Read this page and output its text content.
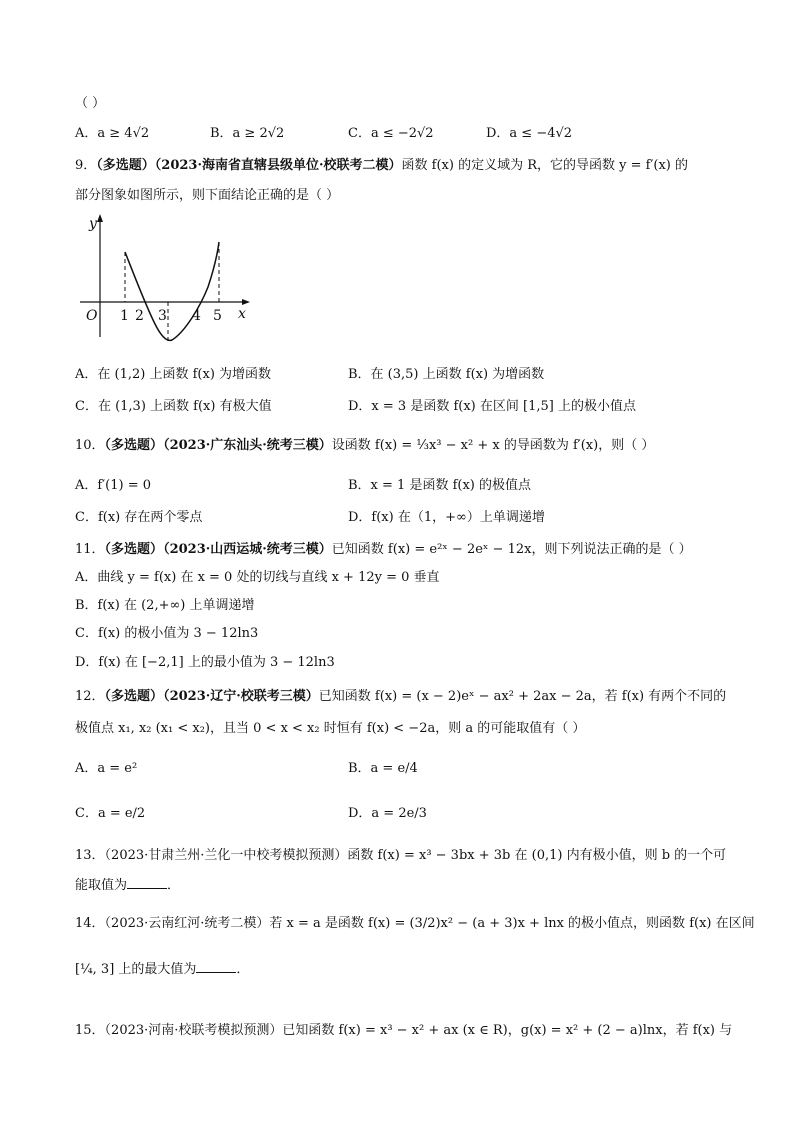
（ ）
A．a ≥ 4√2	B．a ≥ 2√2	C．a ≤ −2√2	D．a ≤ −4√2
9．（多选题）（2023·海南省直辖县级单位·校联考二模）函数 f(x) 的定义域为 R，它的导函数 y = f′(x) 的
部分图象如图所示，则下面结论正确的是（ ）
y
x
O 1 2 3 4 5
A．在 (1,2) 上函数 f(x) 为增函数	B．在 (3,5) 上函数 f(x) 为增函数
C．在 (1,3) 上函数 f(x) 有极大值	D．x = 3 是函数 f(x) 在区间 [1,5] 上的极小值点
10．（多选题）（2023·广东汕头·统考三模）设函数 f(x) = ⅓x³ − x² + x 的导函数为 f′(x)，则（ ）
A．f′(1) = 0	B．x = 1 是函数 f(x) 的极值点
C．f(x) 存在两个零点	D．f(x) 在（1，+∞）上单调递增
11．（多选题）（2023·山西运城·统考三模）已知函数 f(x) = e²ˣ − 2eˣ − 12x，则下列说法正确的是（ ）
A．曲线 y = f(x) 在 x = 0 处的切线与直线 x + 12y = 0 垂直
B．f(x) 在 (2,+∞) 上单调递增
C．f(x) 的极小值为 3 − 12ln3
D．f(x) 在 [−2,1] 上的最小值为 3 − 12ln3
12．（多选题）（2023·辽宁·校联考三模）已知函数 f(x) = (x − 2)eˣ − ax² + 2ax − 2a，若 f(x) 有两个不同的
极值点 x₁, x₂ (x₁ < x₂)，且当 0 < x < x₂ 时恒有 f(x) < −2a，则 a 的可能取值有（ ）
A．a = e²	B．a = e/4
C．a = e/2	D．a = 2e/3
13．（2023·甘肃兰州·兰化一中校考模拟预测）函数 f(x) = x³ − 3bx + 3b 在 (0,1) 内有极小值，则 b 的一个可
能取值为	．
14．（2023·云南红河·统考二模）若 x = a 是函数 f(x) = (3/2)x² − (a + 3)x + lnx 的极小值点，则函数 f(x) 在区间
[¼, 3] 上的最大值为	．
15．（2023·河南·校联考模拟预测）已知函数 f(x) = x³ − x² + ax (x ∈ R)，g(x) = x² + (2 − a)lnx，若 f(x) 与
